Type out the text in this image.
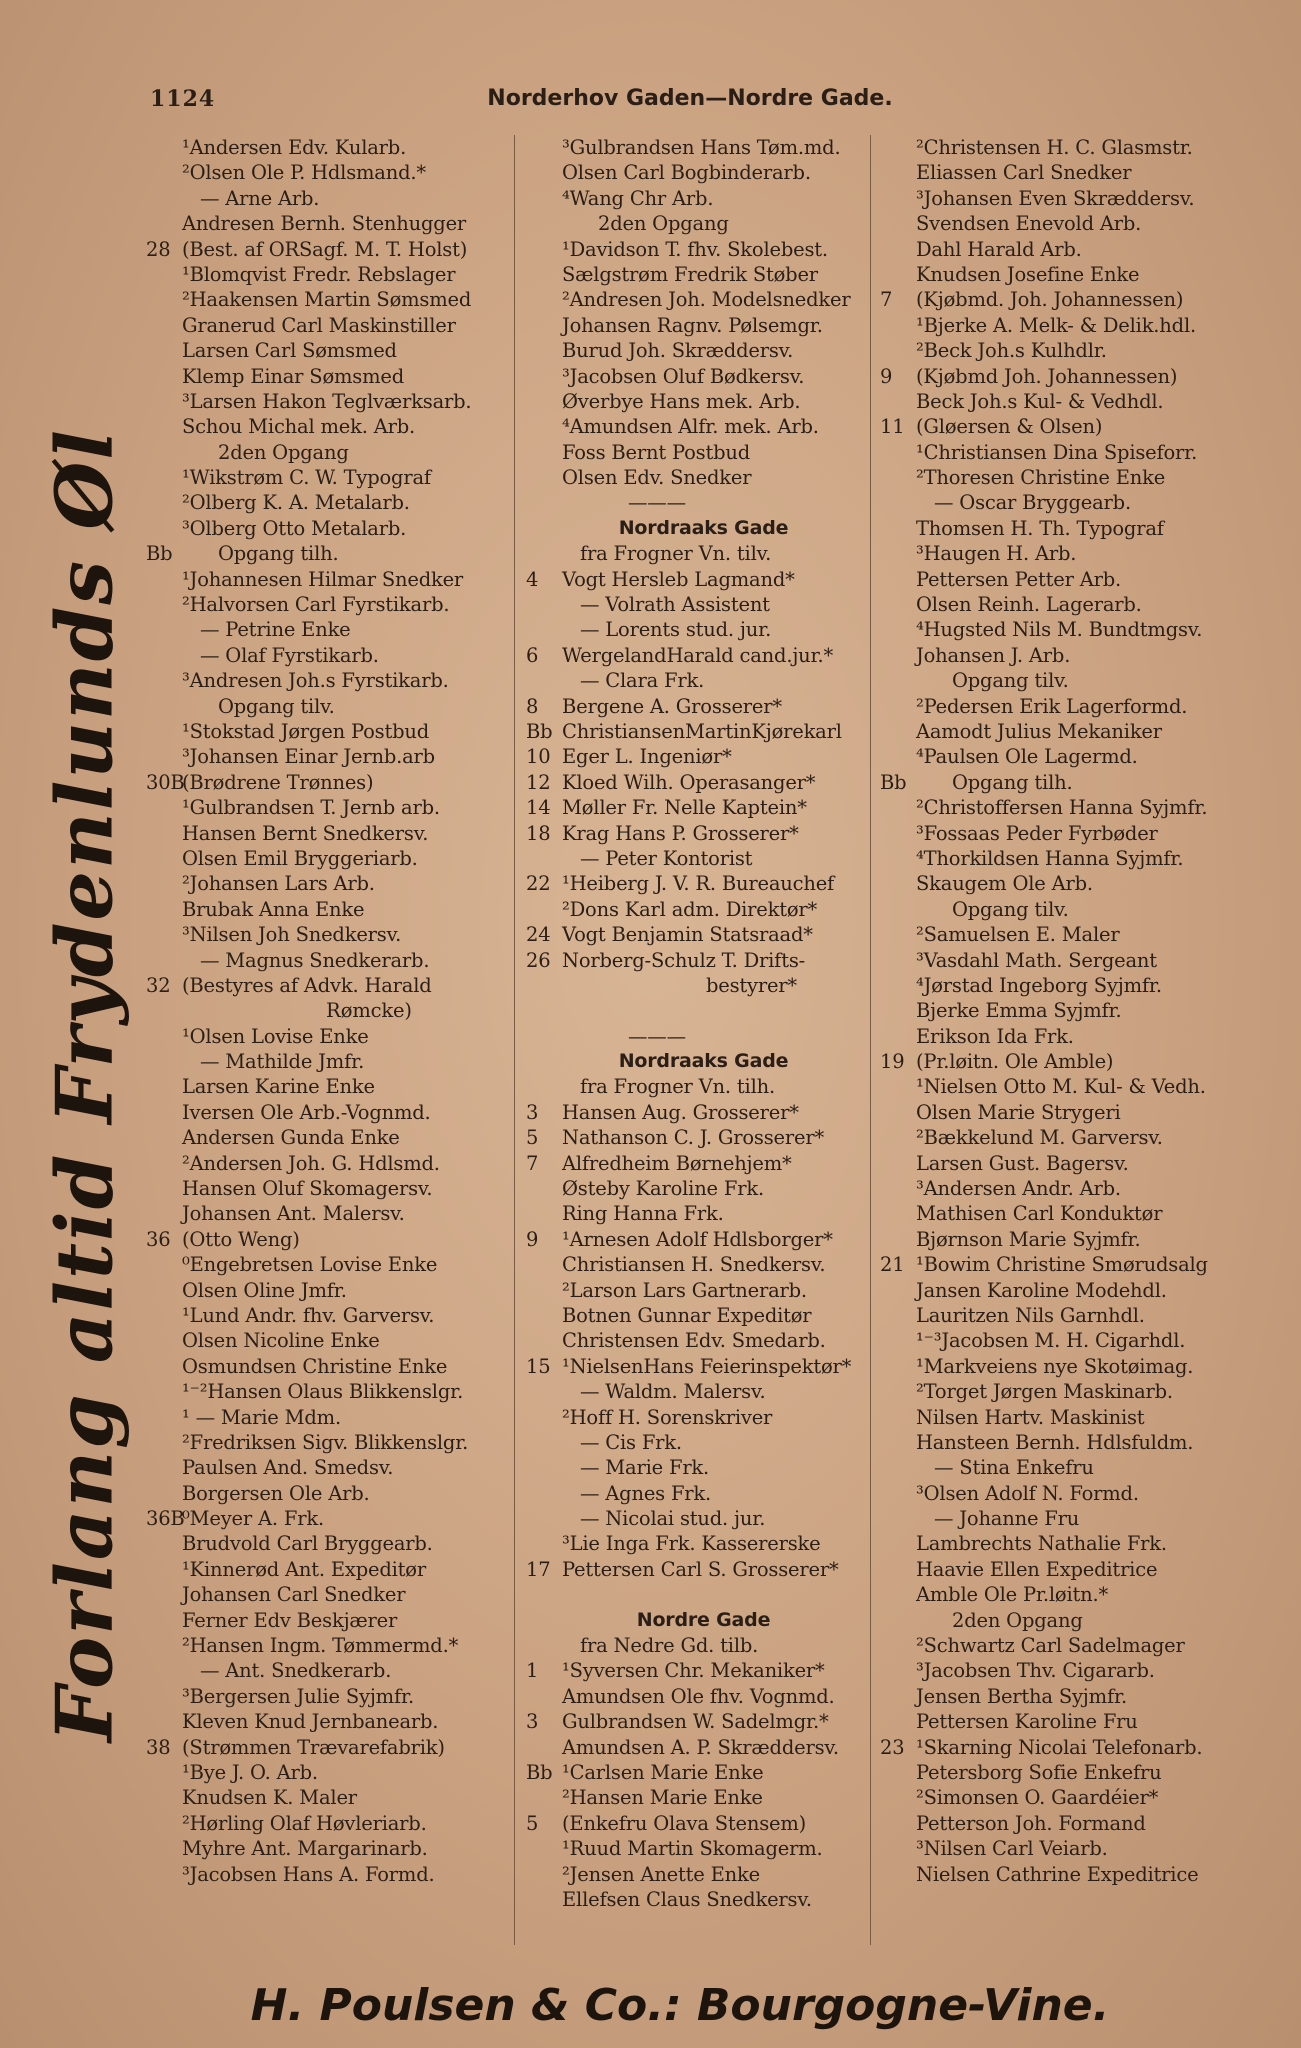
1124	Norderhov Gaden—Nordre Gade.
Forlang altid Frydenlunds Øl
¹Andersen Edv. Kularb.
²Olsen Ole P. Hdlsmand.*
— Arne Arb.
Andresen Bernh. Stenhugger
28 (Best. af ORSagf. M. T. Holst)
¹Blomqvist Fredr. Rebslager
²Haakensen Martin Sømsmed
Granerud Carl Maskinstiller
Larsen Carl Sømsmed
Klemp Einar Sømsmed
³Larsen Hakon Teglværksarb.
Schou Michal mek. Arb.
2den Opgang
¹Wikstrøm C. W. Typograf
²Olberg K. A. Metalarb.
³Olberg Otto Metalarb.
Bb      Opgang tilh.
¹Johannesen Hilmar Snedker
²Halvorsen Carl Fyrstikarb.
— Petrine Enke
— Olaf Fyrstikarb.
³Andresen Joh.s Fyrstikarb.
Opgang tilv.
¹Stokstad Jørgen Postbud
³Johansen Einar Jernb.arb
30B(Brødrene Trønnes)
¹Gulbrandsen T. Jernb arb.
Hansen Bernt Snedkersv.
Olsen Emil Bryggeriarb.
²Johansen Lars Arb.
Brubak Anna Enke
³Nilsen Joh Snedkersv.
— Magnus Snedkerarb.
32 (Bestyres af Advk. Harald
Rømcke)
¹Olsen Lovise Enke
— Mathilde Jmfr.
Larsen Karine Enke
Iversen Ole Arb.-Vognmd.
Andersen Gunda Enke
²Andersen Joh. G. Hdlsmd.
Hansen Oluf Skomagersv.
Johansen Ant. Malersv.
36 (Otto Weng)
⁰Engebretsen Lovise Enke
Olsen Oline Jmfr.
¹Lund Andr. fhv. Garversv.
Olsen Nicoline Enke
Osmundsen Christine Enke
¹⁻²Hansen Olaus Blikkenslgr.
¹ — Marie Mdm.
²Fredriksen Sigv. Blikkenslgr.
Paulsen And. Smedsv.
Borgersen Ole Arb.
36B⁰Meyer A. Frk.
Brudvold Carl Bryggearb.
¹Kinnerød Ant. Expeditør
Johansen Carl Snedker
Ferner Edv Beskjærer
²Hansen Ingm. Tømmermd.*
— Ant. Snedkerarb.
³Bergersen Julie Syjmfr.
Kleven Knud Jernbanearb.
38 (Strømmen Trævarefabrik)
¹Bye J. O. Arb.
Knudsen K. Maler
²Hørling Olaf Høvleriarb.
Myhre Ant. Margarinarb.
³Jacobsen Hans A. Formd.
³Gulbrandsen Hans Tøm.md.
Olsen Carl Bogbinderarb.
⁴Wang Chr Arb.
2den Opgang
¹Davidson T. fhv. Skolebest.
Sælgstrøm Fredrik Støber
²Andresen Joh. Modelsnedker
Johansen Ragnv. Pølsemgr.
Burud Joh. Skræddersv.
³Jacobsen Oluf Bødkersv.
Øverbye Hans mek. Arb.
⁴Amundsen Alfr. mek. Arb.
Foss Bernt Postbud
Olsen Edv. Snedker
———
Nordraaks Gade
fra Frogner Vn. tilv.
4 Vogt Hersleb Lagmand*
— Volrath Assistent
— Lorents stud. jur.
6 WergelandHarald cand.jur.*
— Clara Frk.
8 Bergene A. Grosserer*
Bb ChristiansenMartinKjørekarl
10 Eger L. Ingeniør*
12 Kloed Wilh. Operasanger*
14 Møller Fr. Nelle Kaptein*
18 Krag Hans P. Grosserer*
— Peter Kontorist
22 ¹Heiberg J. V. R. Bureauchef
²Dons Karl adm. Direktør*
24 Vogt Benjamin Statsraad*
26 Norberg-Schulz T. Drifts-
bestyrer*
———
Nordraaks Gade
fra Frogner Vn. tilh.
3 Hansen Aug. Grosserer*
5 Nathanson C. J. Grosserer*
7 Alfredheim Børnehjem*
Østeby Karoline Frk.
Ring Hanna Frk.
9 ¹Arnesen Adolf Hdlsborger*
Christiansen H. Snedkersv.
²Larson Lars Gartnerarb.
Botnen Gunnar Expeditør
Christensen Edv. Smedarb.
15 ¹NielsenHans Feierinspektør*
— Waldm. Malersv.
²Hoff H. Sorenskriver
— Cis Frk.
— Marie Frk.
— Agnes Frk.
— Nicolai stud. jur.
³Lie Inga Frk. Kassererske
17 Pettersen Carl S. Grosserer*
Nordre Gade
fra Nedre Gd. tilb.
1 ¹Syversen Chr. Mekaniker*
Amundsen Ole fhv. Vognmd.
3 Gulbrandsen W. Sadelmgr.*
Amundsen A. P. Skræddersv.
Bb ¹Carlsen Marie Enke
²Hansen Marie Enke
5 (Enkefru Olava Stensem)
¹Ruud Martin Skomagerm.
²Jensen Anette Enke
Ellefsen Claus Snedkersv.
²Christensen H. C. Glasmstr.
Eliassen Carl Snedker
³Johansen Even Skræddersv.
Svendsen Enevold Arb.
Dahl Harald Arb.
Knudsen Josefine Enke
7 (Kjøbmd. Joh. Johannessen)
¹Bjerke A. Melk- & Delik.hdl.
²Beck Joh.s Kulhdlr.
9 (Kjøbmd Joh. Johannessen)
Beck Joh.s Kul- & Vedhdl.
11 (Gløersen & Olsen)
¹Christiansen Dina Spiseforr.
²Thoresen Christine Enke
— Oscar Bryggearb.
Thomsen H. Th. Typograf
³Haugen H. Arb.
Pettersen Petter Arb.
Olsen Reinh. Lagerarb.
⁴Hugsted Nils M. Bundtmgsv.
Johansen J. Arb.
Opgang tilv.
²Pedersen Erik Lagerformd.
Aamodt Julius Mekaniker
⁴Paulsen Ole Lagermd.
Bb      Opgang tilh.
²Christoffersen Hanna Syjmfr.
³Fossaas Peder Fyrbøder
⁴Thorkildsen Hanna Syjmfr.
Skaugem Ole Arb.
Opgang tilv.
²Samuelsen E. Maler
³Vasdahl Math. Sergeant
⁴Jørstad Ingeborg Syjmfr.
Bjerke Emma Syjmfr.
Erikson Ida Frk.
19 (Pr.løitn. Ole Amble)
¹Nielsen Otto M. Kul- & Vedh.
Olsen Marie Strygeri
²Bækkelund M. Garversv.
Larsen Gust. Bagersv.
³Andersen Andr. Arb.
Mathisen Carl Konduktør
Bjørnson Marie Syjmfr.
21 ¹Bowim Christine Smørudsalg
Jansen Karoline Modehdl.
Lauritzen Nils Garnhdl.
¹⁻³Jacobsen M. H. Cigarhdl.
¹Markveiens nye Skotøimag.
²Torget Jørgen Maskinarb.
Nilsen Hartv. Maskinist
Hansteen Bernh. Hdlsfuldm.
— Stina Enkefru
³Olsen Adolf N. Formd.
— Johanne Fru
Lambrechts Nathalie Frk.
Haavie Ellen Expeditrice
Amble Ole Pr.løitn.*
2den Opgang
²Schwartz Carl Sadelmager
³Jacobsen Thv. Cigararb.
Jensen Bertha Syjmfr.
Pettersen Karoline Fru
23 ¹Skarning Nicolai Telefonarb.
Petersborg Sofie Enkefru
²Simonsen O. Gaardéier*
Petterson Joh. Formand
³Nilsen Carl Veiarb.
Nielsen Cathrine Expeditrice
H. Poulsen & Co.: Bourgogne-Vine.
